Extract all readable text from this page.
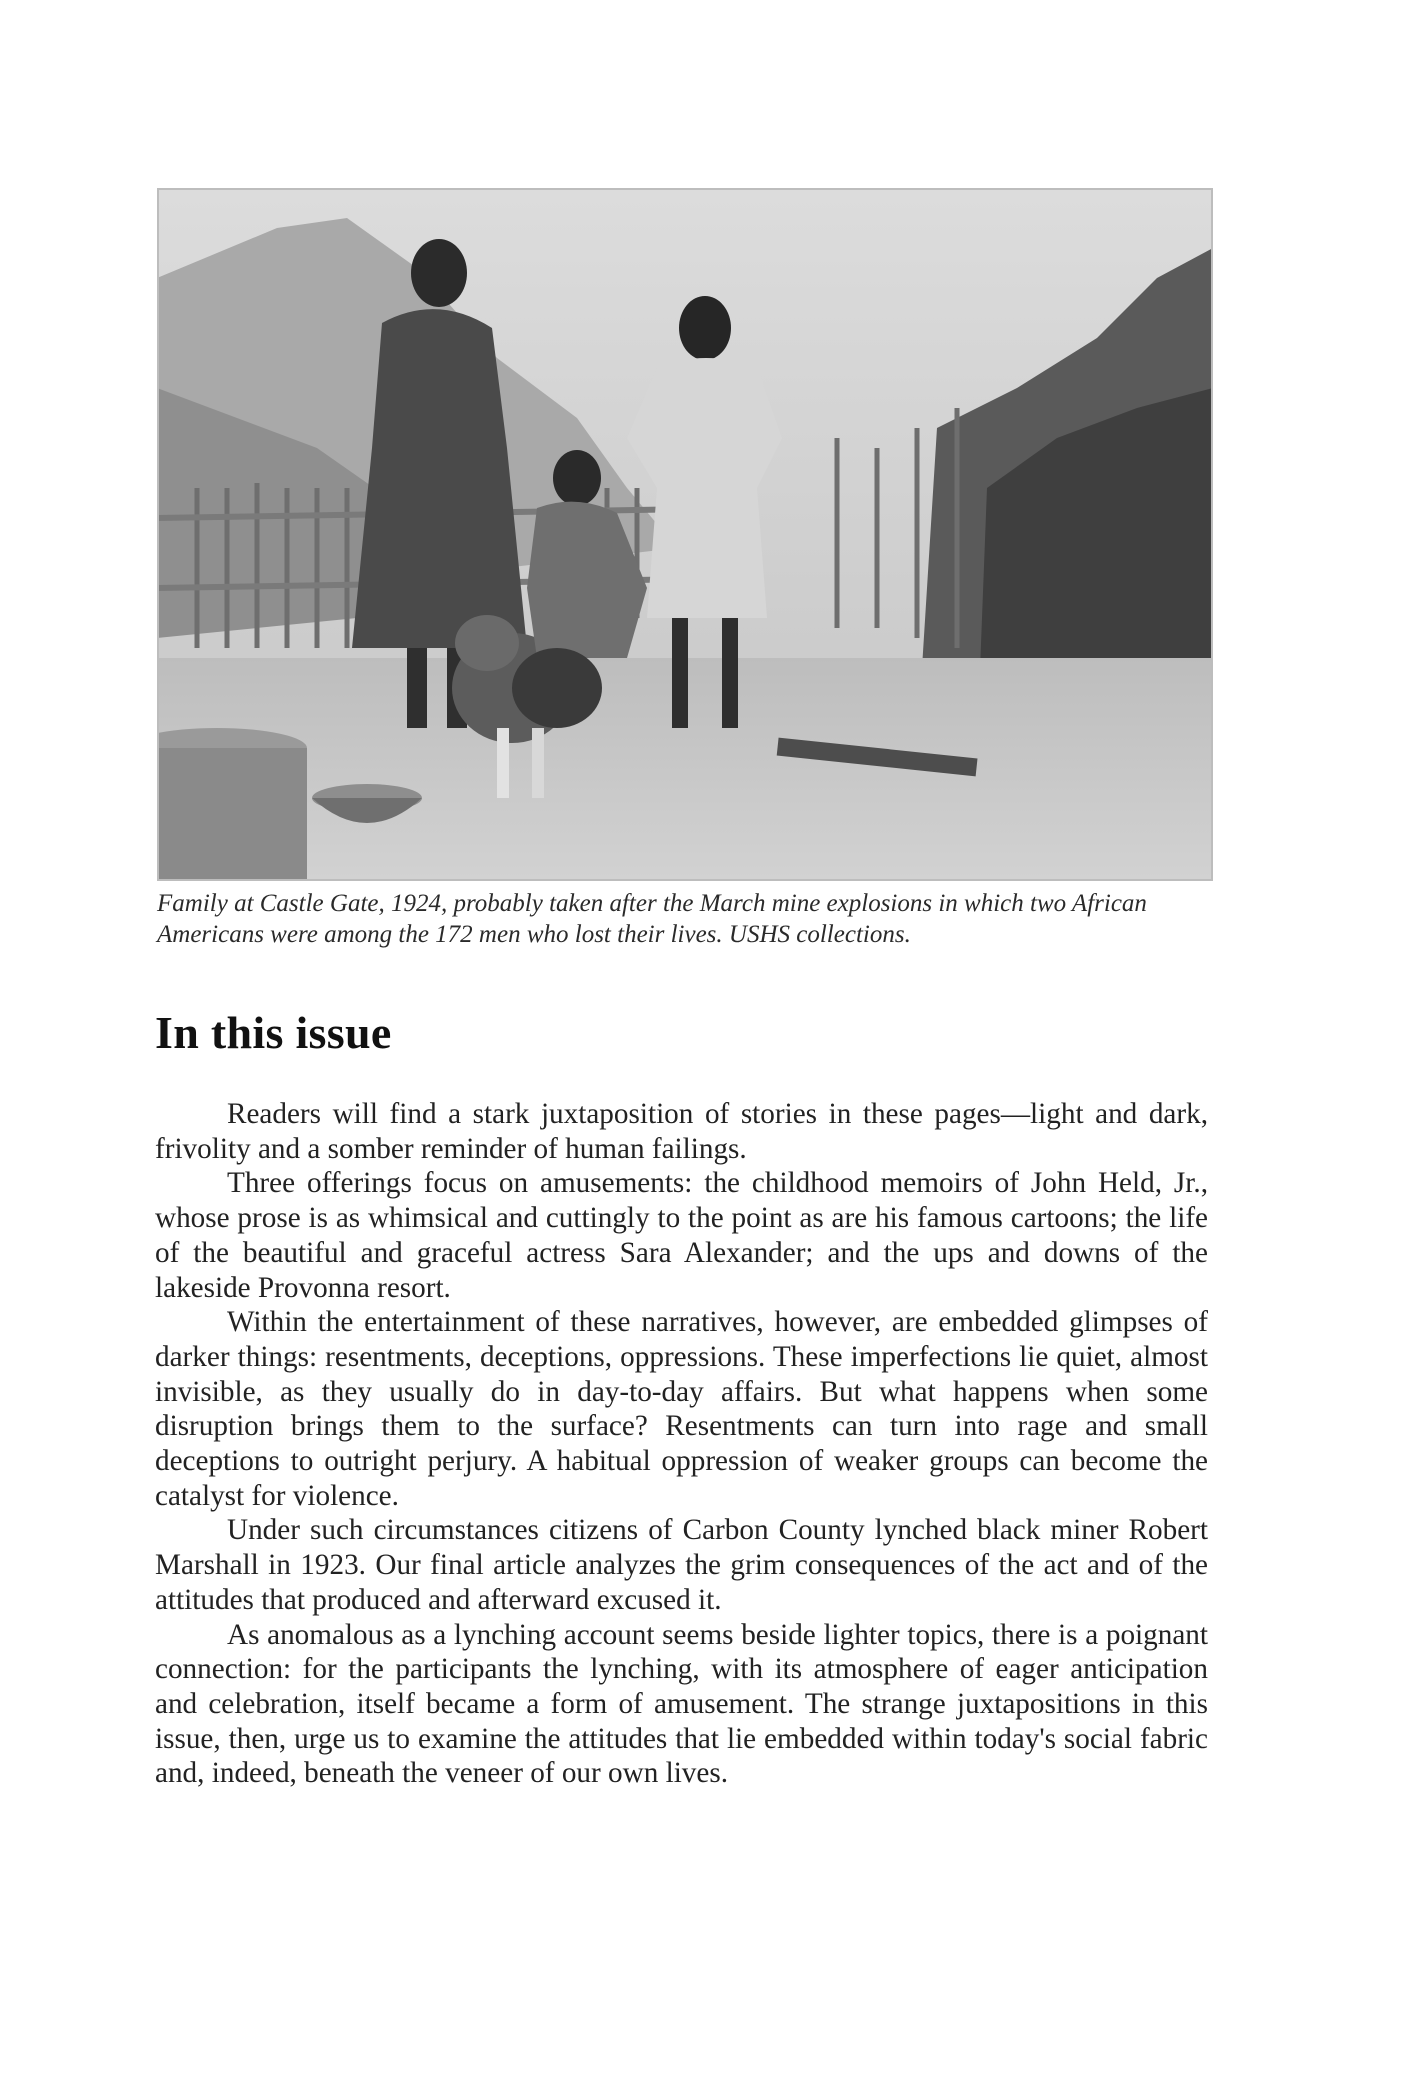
Family at Castle Gate, 1924, probably taken after the March mine explosions in which two African Americans were among the 172 men who lost their lives. USHS collections.
In this issue

Readers will find a stark juxtaposition of stories in these pages—light and dark, frivolity and a somber reminder of human failings.

Three offerings focus on amusements: the childhood memoirs of John Held, Jr., whose prose is as whimsical and cuttingly to the point as are his famous cartoons; the life of the beautiful and graceful actress Sara Alexander; and the ups and downs of the lakeside Provonna resort.

Within the entertainment of these narratives, however, are embedded glimpses of darker things: resentments, deceptions, oppressions. These imperfections lie quiet, almost invisible, as they usually do in day-to-day affairs. But what happens when some disruption brings them to the surface? Resentments can turn into rage and small deceptions to outright perjury. A habitual oppression of weaker groups can become the catalyst for violence.

Under such circumstances citizens of Carbon County lynched black miner Robert Marshall in 1923. Our final article analyzes the grim consequences of the act and of the attitudes that produced and afterward excused it.

As anomalous as a lynching account seems beside lighter topics, there is a poignant connection: for the participants the lynching, with its atmosphere of eager anticipation and celebration, itself became a form of amusement. The strange juxtapositions in this issue, then, urge us to examine the attitudes that lie embedded within today's social fabric and, indeed, beneath the veneer of our own lives.
